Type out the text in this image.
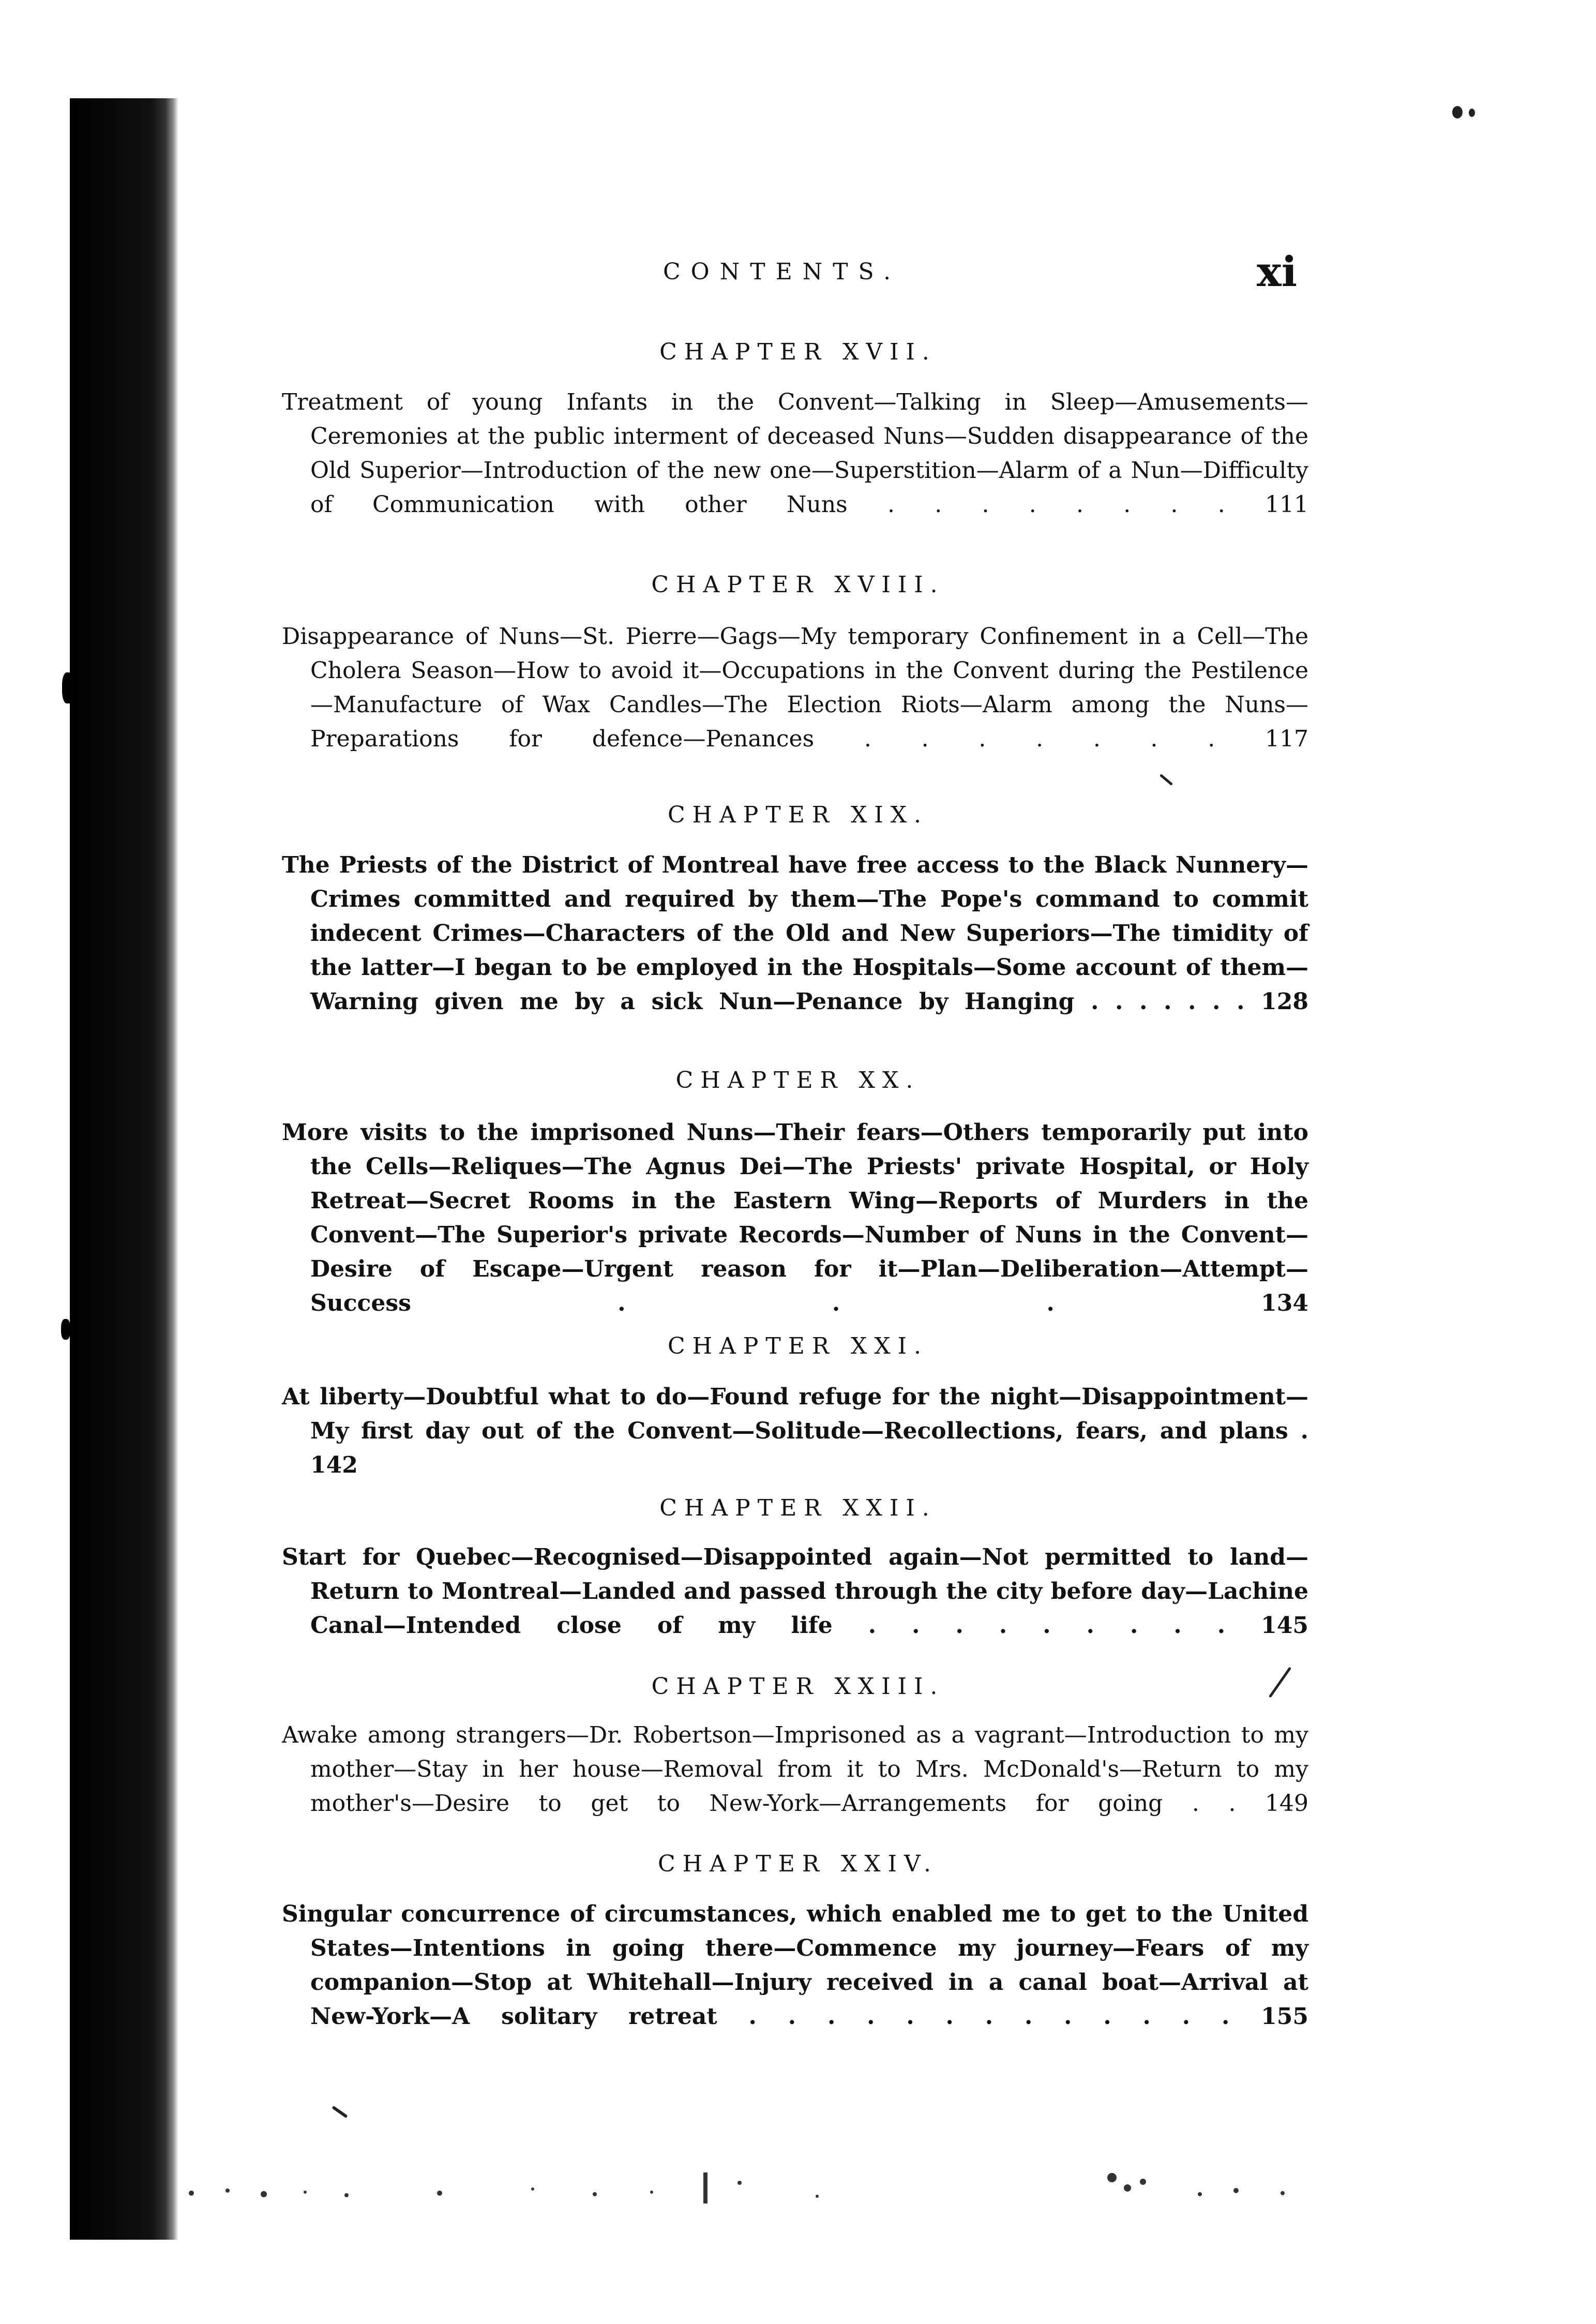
CONTENTS.	xi
CHAPTER XVII.
Treatment of young Infants in the Convent—Talking in Sleep—Amusements—Ceremonies at the public interment of deceased Nuns—Sudden disappearance of the Old Superior—Introduction of the new one—Superstition—Alarm of a Nun—Difficulty of Communication with other Nuns . . . . . . . . 111
CHAPTER XVIII.
Disappearance of Nuns—St. Pierre—Gags—My temporary Confinement in a Cell—The Cholera Season—How to avoid it—Occupations in the Convent during the Pestilence—Manufacture of Wax Candles—The Election Riots—Alarm among the Nuns—Preparations for defence—Penances . . . . . . . 117
CHAPTER XIX.
The Priests of the District of Montreal have free access to the Black Nunnery—Crimes committed and required by them—The Pope's command to commit indecent Crimes—Characters of the Old and New Superiors—The timidity of the latter—I began to be employed in the Hospitals—Some account of them—Warning given me by a sick Nun—Penance by Hanging . . . . . . . 128
CHAPTER XX.
More visits to the imprisoned Nuns—Their fears—Others temporarily put into the Cells—Reliques—The Agnus Dei—The Priests' private Hospital, or Holy Retreat—Secret Rooms in the Eastern Wing—Reports of Murders in the Convent—The Superior's private Records—Number of Nuns in the Convent—Desire of Escape—Urgent reason for it—Plan—Deliberation—Attempt—Success . . . 134
CHAPTER XXI.
At liberty—Doubtful what to do—Found refuge for the night—Disappointment—My first day out of the Convent—Solitude—Recollections, fears, and plans . 142
CHAPTER XXII.
Start for Quebec—Recognised—Disappointed again—Not permitted to land—Return to Montreal—Landed and passed through the city before day—Lachine Canal—Intended close of my life . . . . . . . . . 145
CHAPTER XXIII.
Awake among strangers—Dr. Robertson—Imprisoned as a vagrant—Introduction to my mother—Stay in her house—Removal from it to Mrs. McDonald's—Return to my mother's—Desire to get to New-York—Arrangements for going . . 149
CHAPTER XXIV.
Singular concurrence of circumstances, which enabled me to get to the United States—Intentions in going there—Commence my journey—Fears of my companion—Stop at Whitehall—Injury received in a canal boat—Arrival at New-York—A solitary retreat . . . . . . . . . . . . . 155
